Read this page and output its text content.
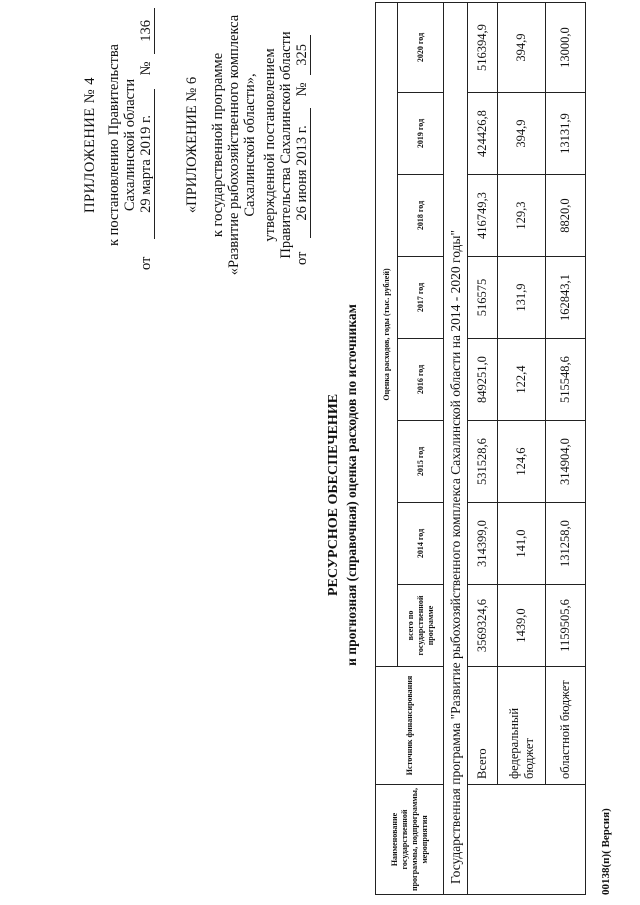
ПРИЛОЖЕНИЕ № 4 к постановлению Правительства Сахалинской области
от 29 марта 2019 г. № 136
«ПРИЛОЖЕНИЕ № 6 к государственной программе «Развитие рыбохозяйственного комплекса Сахалинской области», утвержденной постановлением Правительства Сахалинской области от 26 июня 2013 г. № 325
РЕСУРСНОЕ ОБЕСПЕЧЕНИЕ и прогнозная (справочная) оценка расходов по источникам
Наименование государственной программы, подпрограммы, мероприятия	Источник финансирования	Оценка расходов, годы (тыс. рублей)							
		всего по государственной программе	2014 год	2015 год	2016 год	2017 год	2018 год	2019 год	2020 год
Государственная программа "Развитие рыбохозяйственного комплекса Сахалинской области на 2014 - 2020 годы"									
	Всего	3569324,6	314399,0	531528,6	849251,0	516575	416749,3	424426,8	516394,9
	федеральный бюджет	1439,0	141,0	124,6	122,4	131,9	129,3	394,9	394,9
	областной бюджет	1159505,6	131258,0	314904,0	515548,6	162843,1	8820,0	13131,9	13000,0
00138(п)( Версия)
